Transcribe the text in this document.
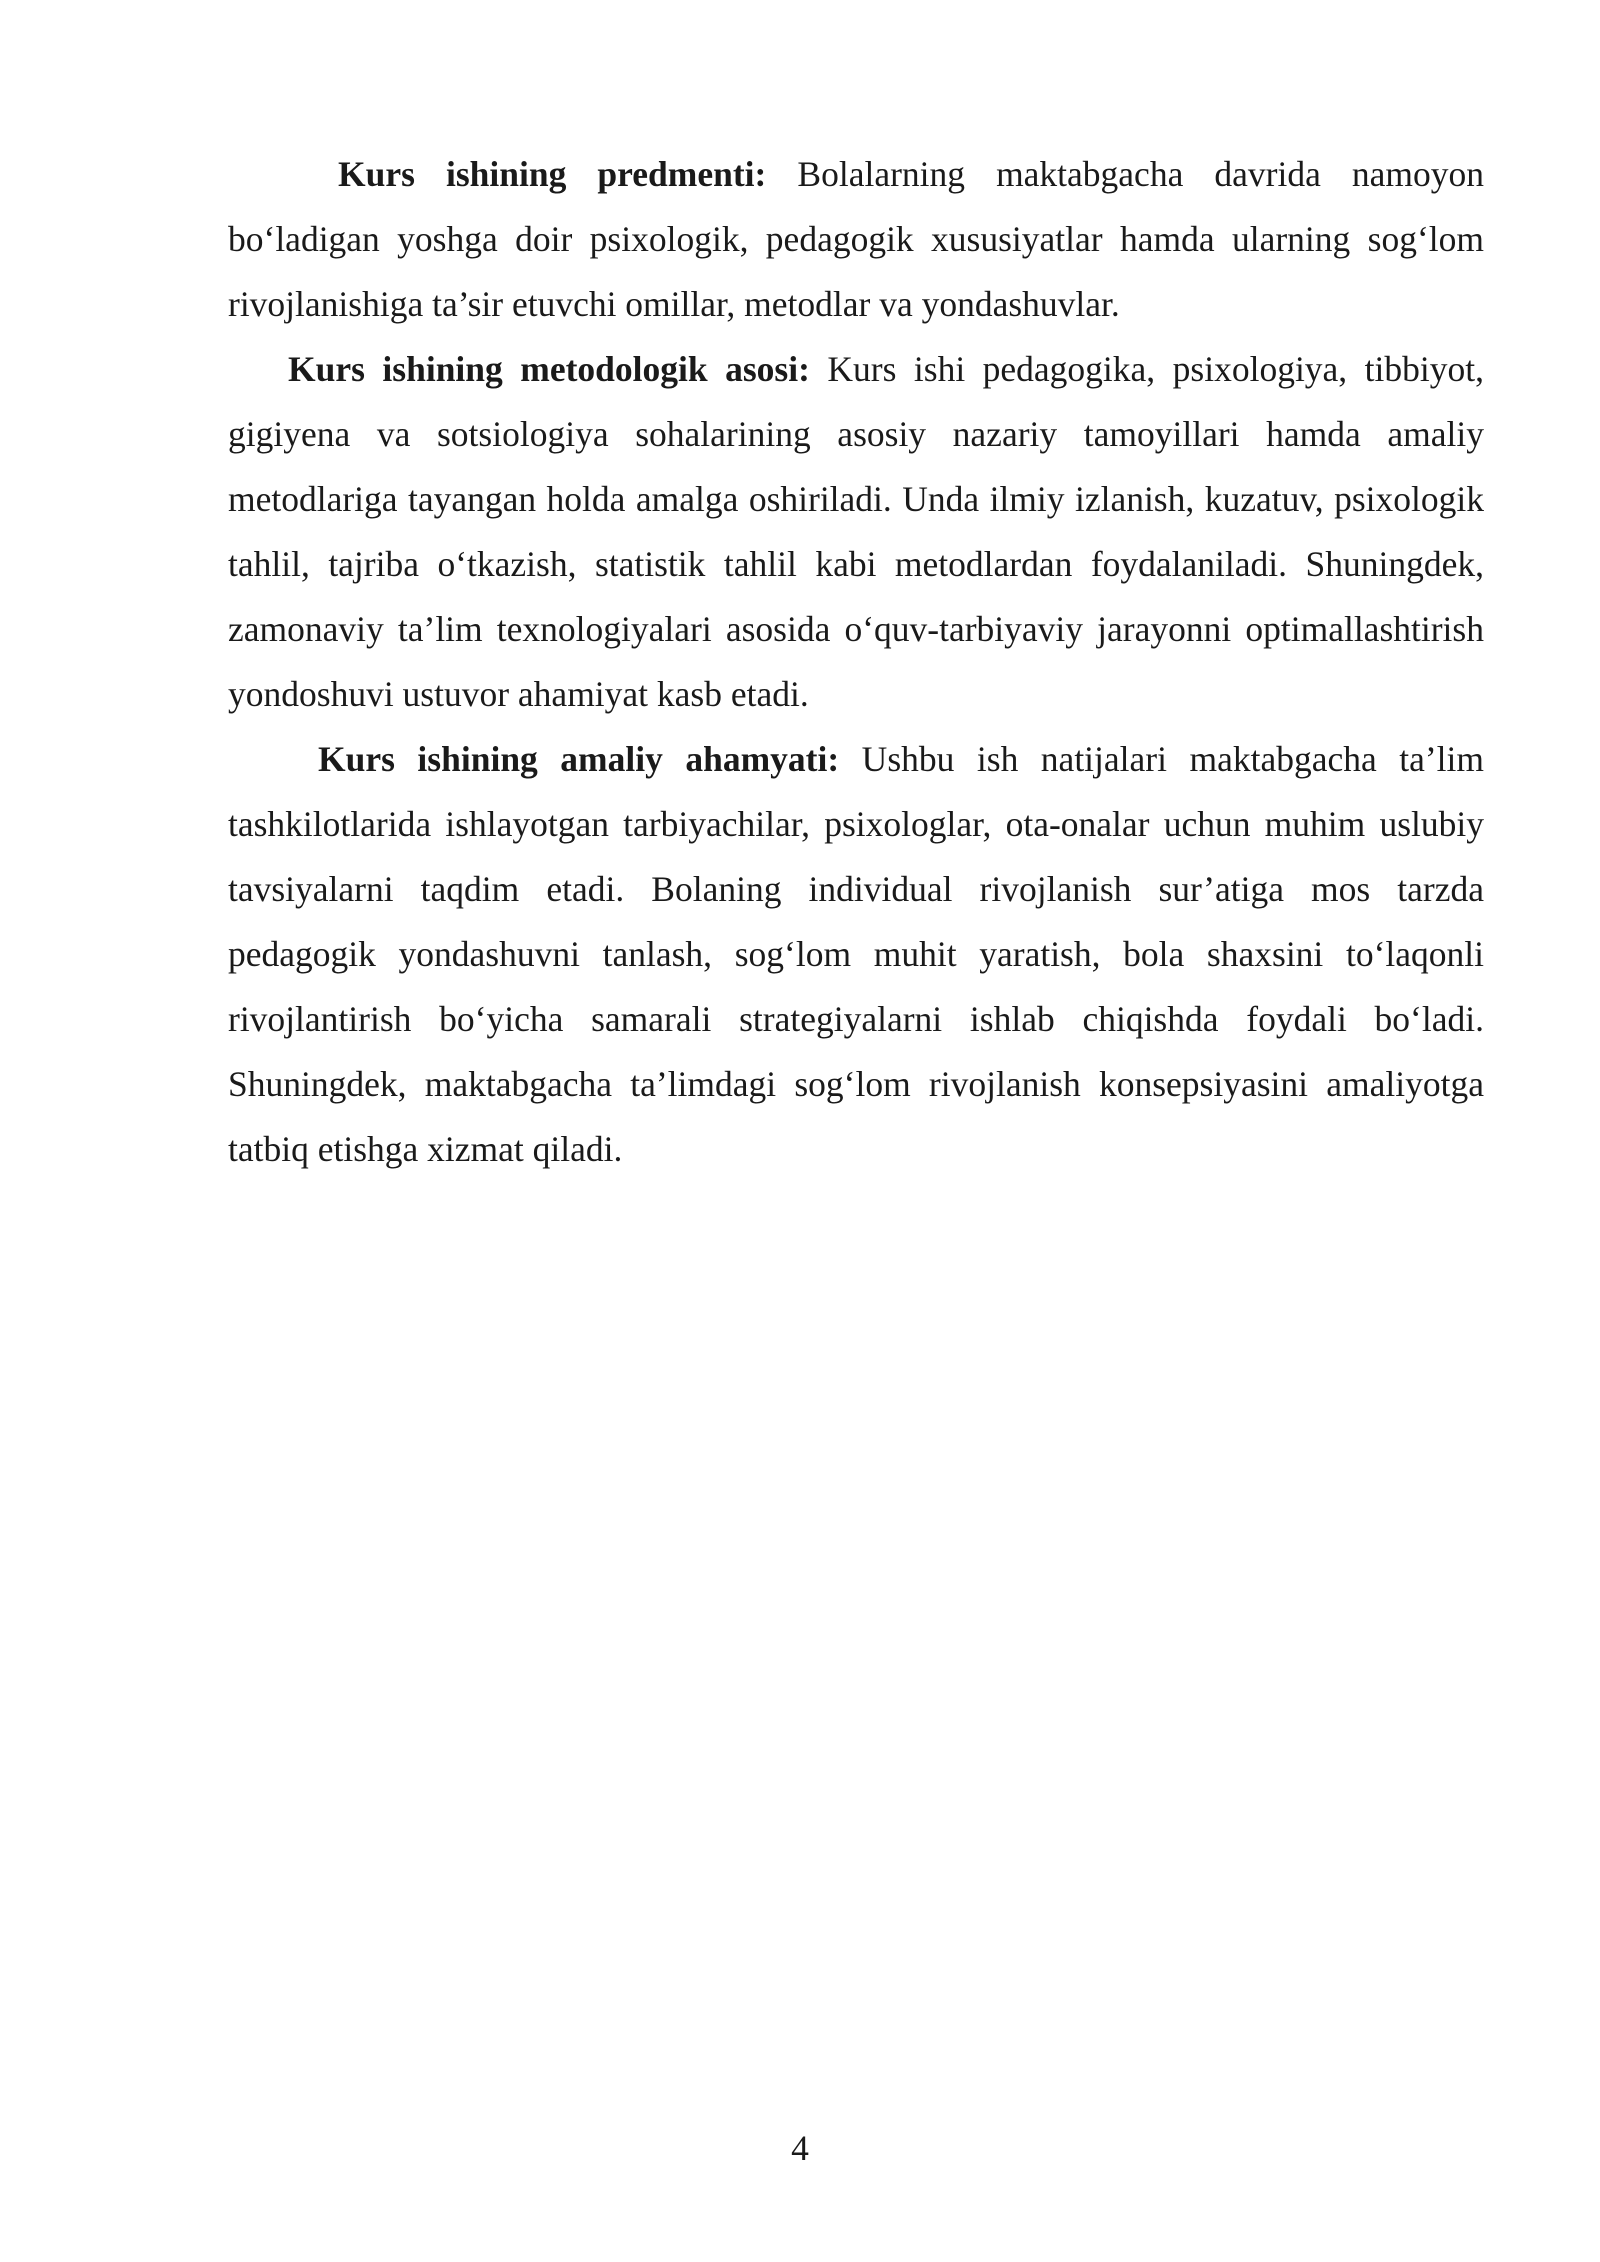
Kurs ishining predmenti: Bolalarning maktabgacha davrida namoyon bo‘ladigan yoshga doir psixologik, pedagogik xususiyatlar hamda ularning sog‘lom rivojlanishiga ta’sir etuvchi omillar, metodlar va yondashuvlar.

Kurs ishining metodologik asosi: Kurs ishi pedagogika, psixologiya, tibbiyot, gigiyena va sotsiologiya sohalarining asosiy nazariy tamoyillari hamda amaliy metodlariga tayangan holda amalga oshiriladi. Unda ilmiy izlanish, kuzatuv, psixologik tahlil, tajriba o‘tkazish, statistik tahlil kabi metodlardan foydalaniladi. Shuningdek, zamonaviy ta’lim texnologiyalari asosida o‘quv-tarbiyaviy jarayonni optimallashtirish yondoshuvi ustuvor ahamiyat kasb etadi.

Kurs ishining amaliy ahamyati: Ushbu ish natijalari maktabgacha ta’lim tashkilotlarida ishlayotgan tarbiyachilar, psixologlar, ota-onalar uchun muhim uslubiy tavsiyalarni taqdim etadi. Bolaning individual rivojlanish sur’atiga mos tarzda pedagogik yondashuvni tanlash, sog‘lom muhit yaratish, bola shaxsini to‘laqonli rivojlantirish bo‘yicha samarali strategiyalarni ishlab chiqishda foydali bo‘ladi. Shuningdek, maktabgacha ta’limdagi sog‘lom rivojlanish konsepsiyasini amaliyotga tatbiq etishga xizmat qiladi.

4
